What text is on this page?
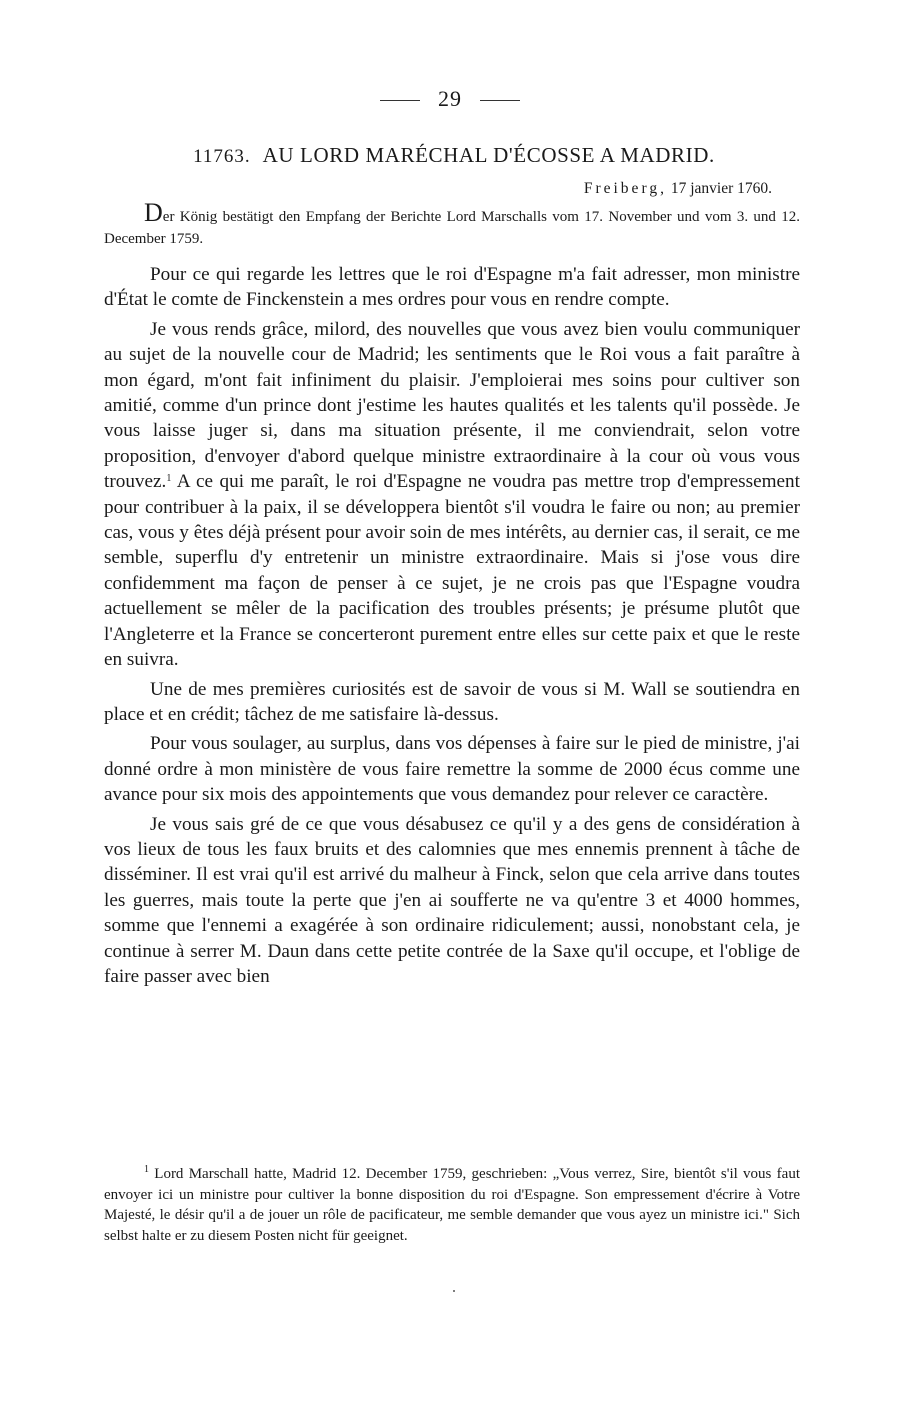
29
11763. AU LORD MARÉCHAL D'ÉCOSSE A MADRID.
Freiberg, 17 janvier 1760.
Der König bestätigt den Empfang der Berichte Lord Marschalls vom 17. November und vom 3. und 12. December 1759.

Pour ce qui regarde les lettres que le roi d'Espagne m'a fait adresser, mon ministre d'État le comte de Finckenstein a mes ordres pour vous en rendre compte.

Je vous rends grâce, milord, des nouvelles que vous avez bien voulu communiquer au sujet de la nouvelle cour de Madrid; les sentiments que le Roi vous a fait paraître à mon égard, m'ont fait infiniment du plaisir. J'emploierai mes soins pour cultiver son amitié, comme d'un prince dont j'estime les hautes qualités et les talents qu'il possède. Je vous laisse juger si, dans ma situation présente, il me conviendrait, selon votre proposition, d'envoyer d'abord quelque ministre extraordinaire à la cour où vous vous trouvez.$^1$ A ce qui me paraît, le roi d'Espagne ne voudra pas mettre trop d'empressement pour contribuer à la paix, il se développera bientôt s'il voudra le faire ou non; au premier cas, vous y êtes déjà présent pour avoir soin de mes intérêts, au dernier cas, il serait, ce me semble, superflu d'y entretenir un ministre extraordinaire. Mais si j'ose vous dire confidemment ma façon de penser à ce sujet, je ne crois pas que l'Espagne voudra actuellement se mêler de la pacification des troubles présents; je présume plutôt que l'Angleterre et la France se concerteront purement entre elles sur cette paix et que le reste en suivra.

Une de mes premières curiosités est de savoir de vous si M. Wall se soutiendra en place et en crédit; tâchez de me satisfaire là-dessus.

Pour vous soulager, au surplus, dans vos dépenses à faire sur le pied de ministre, j'ai donné ordre à mon ministère de vous faire remettre la somme de 2000 écus comme une avance pour six mois des appointements que vous demandez pour relever ce caractère.

Je vous sais gré de ce que vous désabusez ce qu'il y a des gens de considération à vos lieux de tous les faux bruits et des calomnies que mes ennemis prennent à tâche de disséminer. Il est vrai qu'il est arrivé du malheur à Finck, selon que cela arrive dans toutes les guerres, mais toute la perte que j'en ai soufferte ne va qu'entre 3 et 4000 hommes, somme que l'ennemi a exagérée à son ordinaire ridiculement; aussi, nonobstant cela, je continue à serrer M. Daun dans cette petite contrée de la Saxe qu'il occupe, et l'oblige de faire passer avec bien

$^1$ Lord Marschall hatte, Madrid 12. December 1759, geschrieben: „Vous verrez, Sire, bientôt s'il vous faut envoyer ici un ministre pour cultiver la bonne disposition du roi d'Espagne. Son empressement d'écrire à Votre Majesté, le désir qu'il a de jouer un rôle de pacificateur, me semble demander que vous ayez un ministre ici." Sich selbst halte er zu diesem Posten nicht für geeignet.
